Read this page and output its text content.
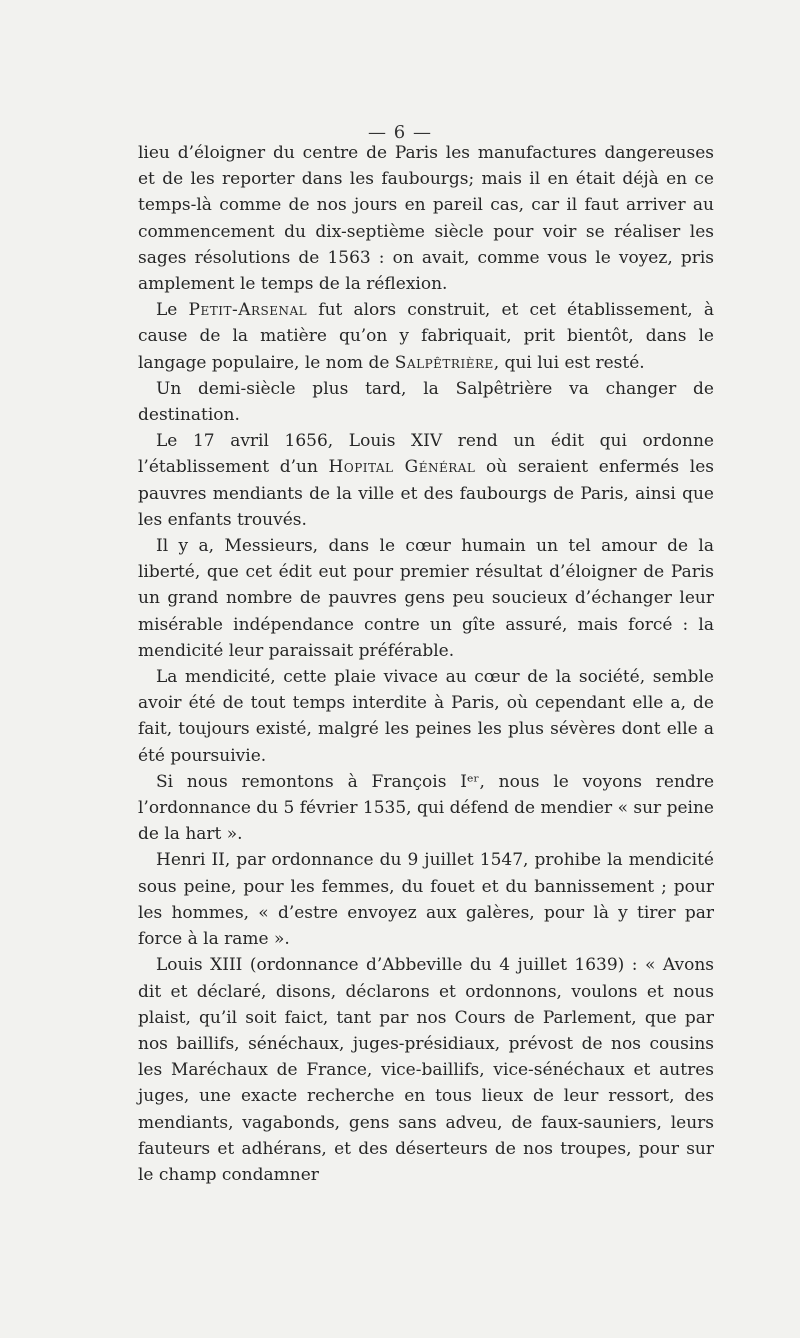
— 6 —

lieu d’éloigner du centre de Paris les manufactures dangereuses et de les reporter dans les faubourgs; mais il en était déjà en ce temps-là comme de nos jours en pareil cas, car il faut arriver au commencement du dix-septième siècle pour voir se réaliser les sages résolutions de 1563 : on avait, comme vous le voyez, pris amplement le temps de la réflexion.

Le Petit-Arsenal fut alors construit, et cet établissement, à cause de la matière qu’on y fabriquait, prit bientôt, dans le langage populaire, le nom de Salpêtrière, qui lui est resté.

Un demi-siècle plus tard, la Salpêtrière va changer de destination.

Le 17 avril 1656, Louis XIV rend un édit qui ordonne l’établissement d’un Hopital Général où seraient enfermés les pauvres mendiants de la ville et des faubourgs de Paris, ainsi que les enfants trouvés.

Il y a, Messieurs, dans le cœur humain un tel amour de la liberté, que cet édit eut pour premier résultat d’éloigner de Paris un grand nombre de pauvres gens peu soucieux d’échanger leur misérable indépendance contre un gîte assuré, mais forcé : la mendicité leur paraissait préférable.

La mendicité, cette plaie vivace au cœur de la société, semble avoir été de tout temps interdite à Paris, où cependant elle a, de fait, toujours existé, malgré les peines les plus sévères dont elle a été poursuivie.

Si nous remontons à François Iᵉʳ, nous le voyons rendre l’ordonnance du 5 février 1535, qui défend de mendier « sur peine de la hart ».

Henri II, par ordonnance du 9 juillet 1547, prohibe la mendicité sous peine, pour les femmes, du fouet et du bannissement ; pour les hommes, « d’estre envoyez aux galères, pour là y tirer par force à la rame ».

Louis XIII (ordonnance d’Abbeville du 4 juillet 1639) : « Avons dit et déclaré, disons, déclarons et ordonnons, voulons et nous plaist, qu’il soit faict, tant par nos Cours de Parlement, que par nos baillifs, sénéchaux, juges-présidiaux, prévost de nos cousins les Maréchaux de France, vice-baillifs, vice-sénéchaux et autres juges, une exacte recherche en tous lieux de leur ressort, des mendiants, vagabonds, gens sans adveu, de faux-sauniers, leurs fauteurs et adhérans, et des déserteurs de nos troupes, pour sur le champ condamner
